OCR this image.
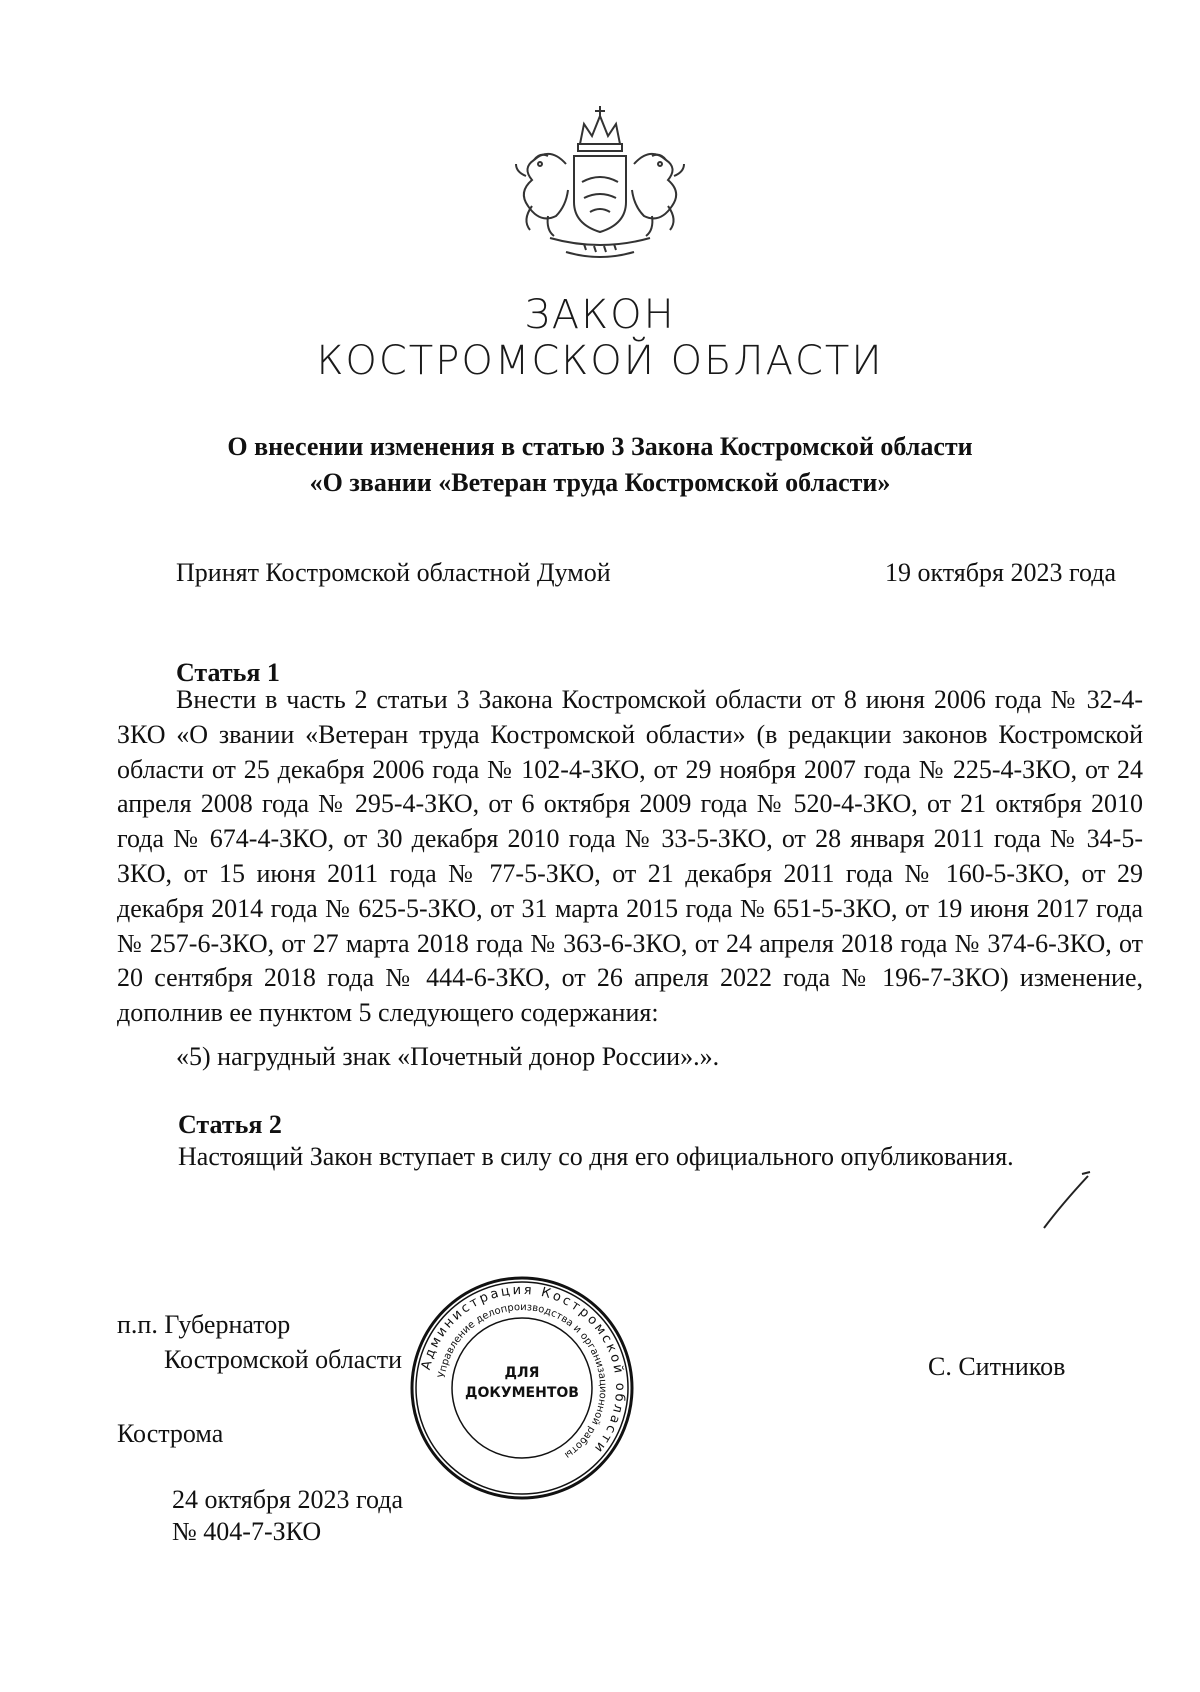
ЗАКОН
КОСТРОМСКОЙ ОБЛАСТИ
О внесении изменения в статью 3 Закона Костромской области
«О звании «Ветеран труда Костромской области»
Принят Костромской областной Думой	19 октября 2023 года
Статья 1

Внести в часть 2 статьи 3 Закона Костромской области от 8 июня 2006 года № 32-4-ЗКО «О звании «Ветеран труда Костромской области» (в редакции законов Костромской области от 25 декабря 2006 года № 102-4-ЗКО, от 29 ноября 2007 года № 225-4-ЗКО, от 24 апреля 2008 года № 295-4-ЗКО, от 6 октября 2009 года № 520-4-ЗКО, от 21 октября 2010 года № 674-4-ЗКО, от 30 декабря 2010 года № 33-5-ЗКО, от 28 января 2011 года № 34-5-ЗКО, от 15 июня 2011 года № 77-5-ЗКО, от 21 декабря 2011 года № 160-5-ЗКО, от 29 декабря 2014 года № 625-5-ЗКО, от 31 марта 2015 года № 651-5-ЗКО, от 19 июня 2017 года № 257-6-ЗКО, от 27 марта 2018 года № 363-6-ЗКО, от 24 апреля 2018 года № 374-6-ЗКО, от 20 сентября 2018 года № 444-6-ЗКО, от 26 апреля 2022 года № 196-7-ЗКО) изменение, дополнив ее пунктом 5 следующего содержания:

«5) нагрудный знак «Почетный донор России».».
Статья 2
Настоящий Закон вступает в силу со дня его официального опубликования.
п.п. Губернатор
Костромской области	С. Ситников
Администрация Костромской области
Управление делопроизводства и организационной работы
ДЛЯ
ДОКУМЕНТОВ
Кострома
24 октября 2023 года
№ 404-7-ЗКО
